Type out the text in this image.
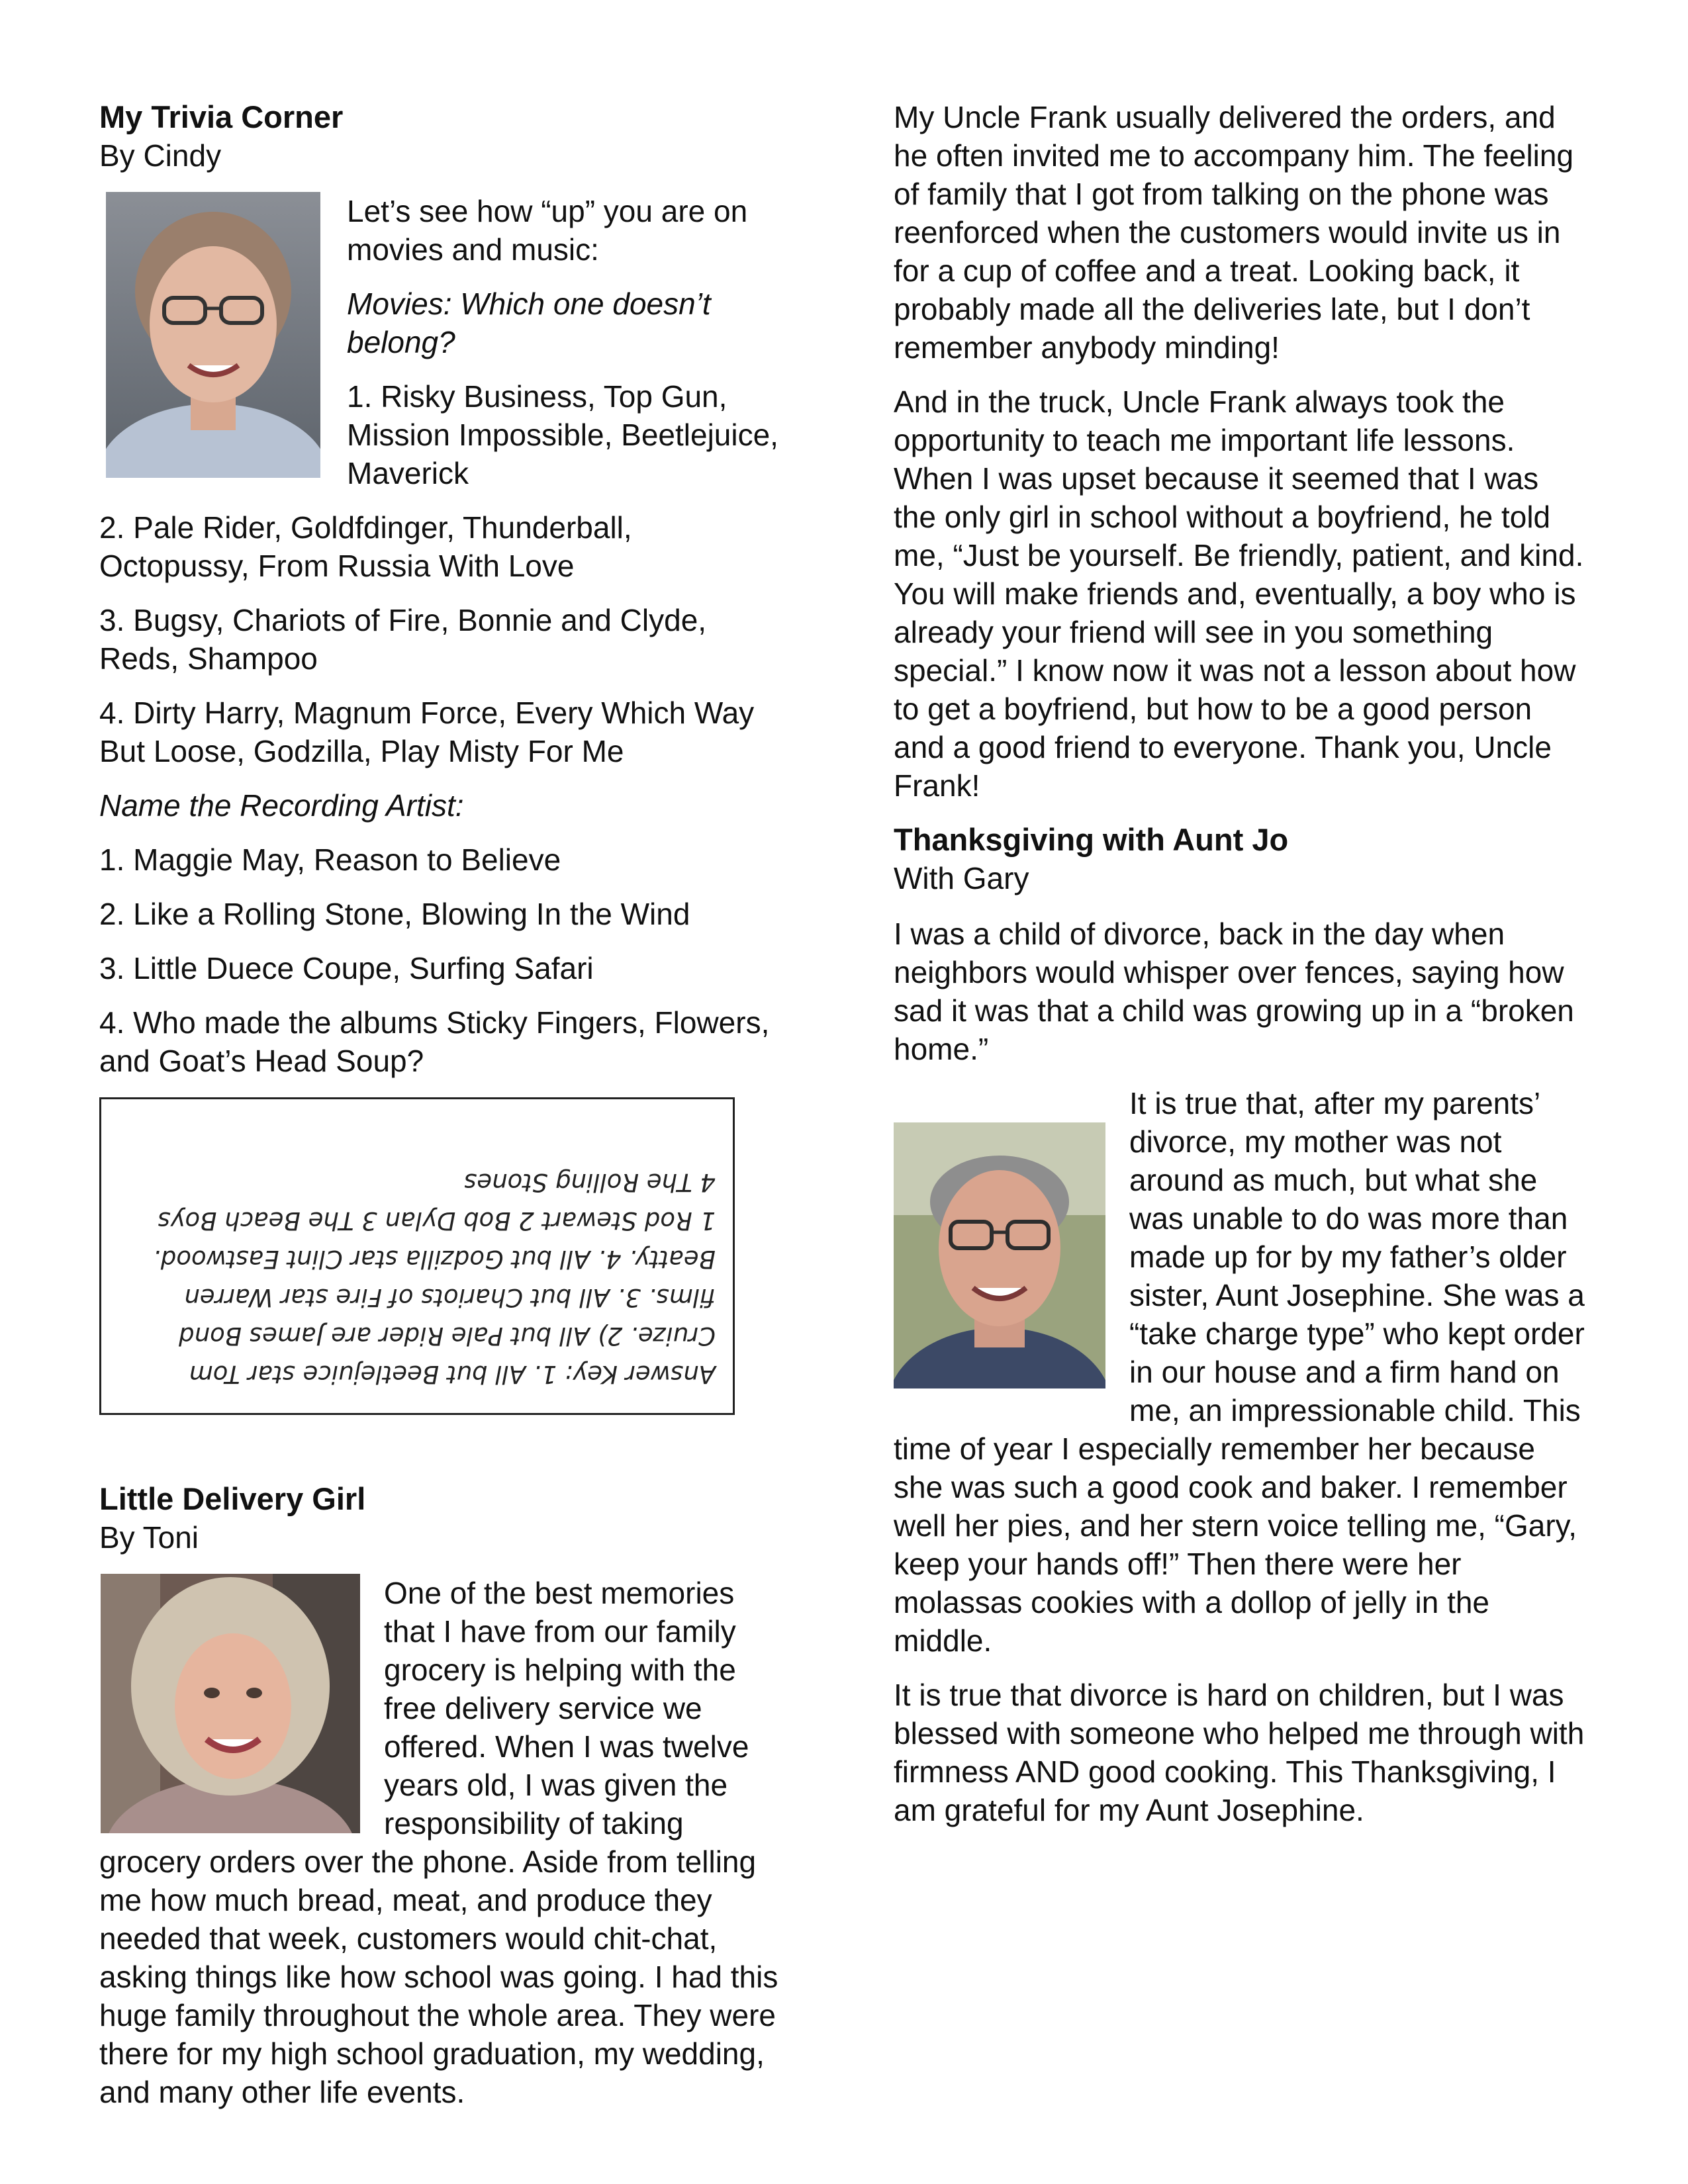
My Trivia Corner
By Cindy

Let’s see how “up” you are on movies and music:

Movies: Which one doesn’t belong?

1. Risky Business, Top Gun, Mission Impossible, Beetlejuice, Maverick

2. Pale Rider, Goldfdinger, Thunderball, Octopussy, From Russia With Love

3. Bugsy, Chariots of Fire, Bonnie and Clyde, Reds, Shampoo

4. Dirty Harry, Magnum Force, Every Which Way But Loose, Godzilla, Play Misty For Me

Name the Recording Artist:

1. Maggie May, Reason to Believe

2. Like a Rolling Stone, Blowing In the Wind

3. Little Duece Coupe, Surfing Safari

4. Who made the albums Sticky Fingers, Flowers, and Goat’s Head Soup?

Answer Key: 1. All but Beetlejuice star Tom
Cruize. 2) All but Pale Rider are James Bond
films. 3. All but Chariots of Fire star Warren
Beatty. 4. All but Godzilla star Clint Eastwood.
1 Rod Stewart 2 Bob Dylan 3 The Beach Boys
4 The Rolling Stones
Little Delivery Girl
By Toni

One of the best memories that I have from our family grocery is helping with the free delivery service we offered. When I was twelve years old, I was given the responsibility of taking grocery orders over the phone. Aside from telling me how much bread, meat, and produce they needed that week, customers would chit-chat, asking things like how school was going. I had this huge family throughout the whole area. They were there for my high school graduation, my wedding, and many other life events.

My Uncle Frank usually delivered the orders, and he often invited me to accompany him. The feeling of family that I got from talking on the phone was reenforced when the customers would invite us in for a cup of coffee and a treat. Looking back, it probably made all the deliveries late, but I don’t remember anybody minding!

And in the truck, Uncle Frank always took the opportunity to teach me important life lessons. When I was upset because it seemed that I was the only girl in school without a boyfriend, he told me, “Just be yourself. Be friendly, patient, and kind. You will make friends and, eventually, a boy who is already your friend will see in you something special.” I know now it was not a lesson about how to get a boyfriend, but how to be a good person and a good friend to everyone. Thank you, Uncle Frank!

Thanksgiving with Aunt Jo
With Gary

I was a child of divorce, back in the day when neighbors would whisper over fences, saying how sad it was that a child was growing up in a “broken home.”

It is true that, after my parents’ divorce, my mother was not around as much, but what she was unable to do was more than made up for by my father’s older sister, Aunt Josephine. She was a “take charge type” who kept order in our house and a firm hand on me, an impressionable child. This time of year I especially remember her because she was such a good cook and baker. I remember well her pies, and her stern voice telling me, “Gary, keep your hands off!” Then there were her molassas cookies with a dollop of jelly in the middle.

It is true that divorce is hard on children, but I was blessed with someone who helped me through with firmness AND good cooking. This Thanksgiving, I am grateful for my Aunt Josephine.
